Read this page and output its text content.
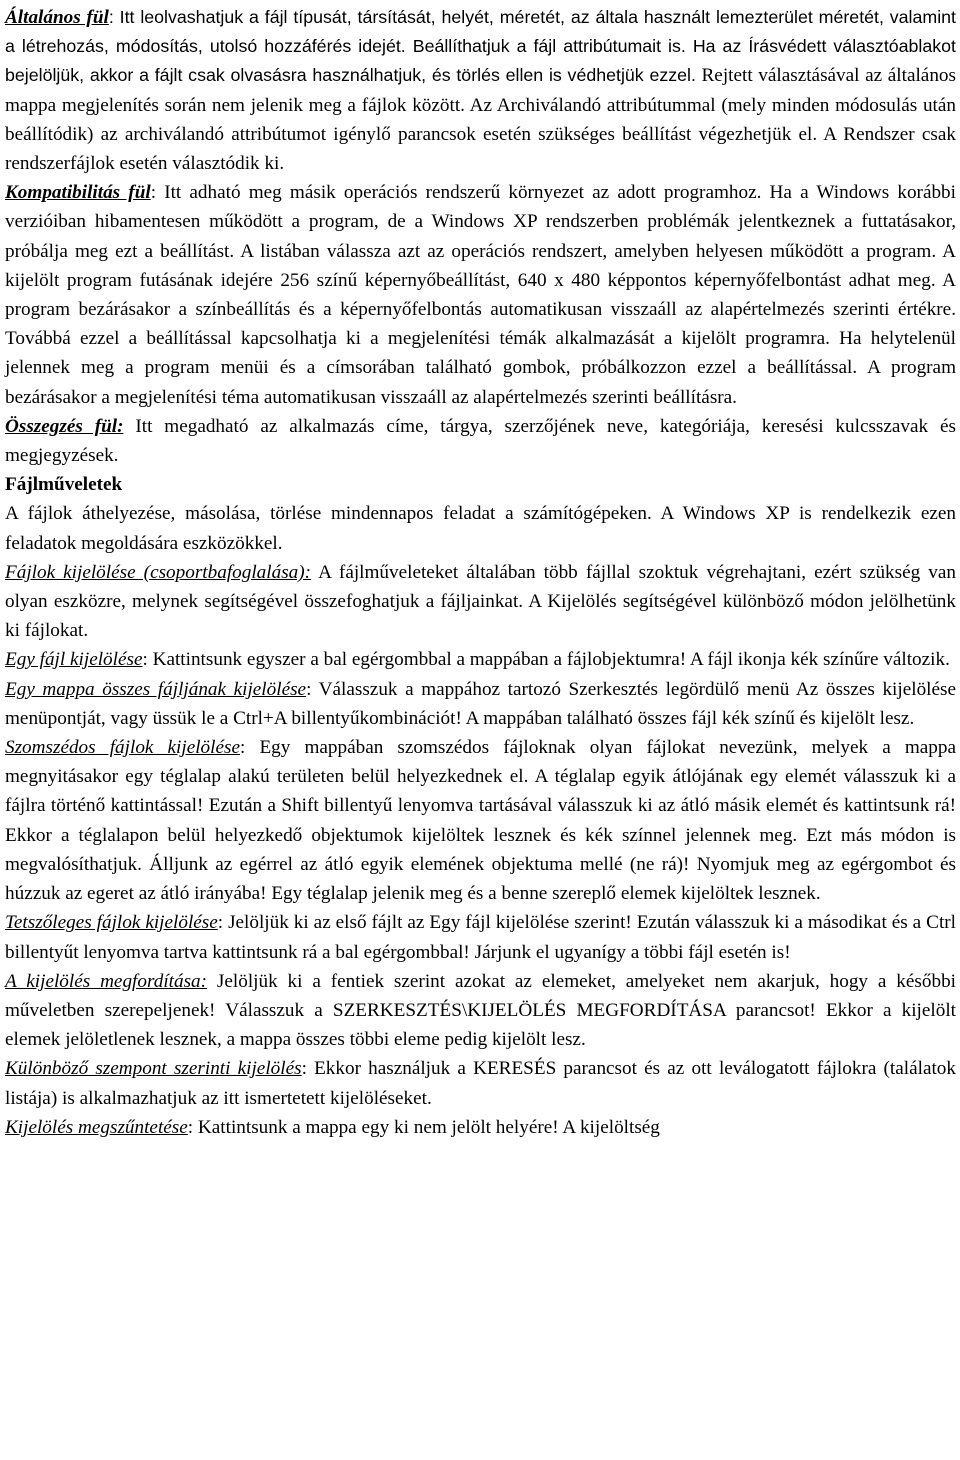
Általános fül: Itt leolvashatjuk a fájl típusát, társítását, helyét, méretét, az általa használt lemezterület méretét, valamint a létrehozás, módosítás, utolsó hozzáférés idejét. Beállíthatjuk a fájl attribútumait is. Ha az Írásvédett választóablakot bejelöljük, akkor a fájlt csak olvasásra használhatjuk, és törlés ellen is védhetjük ezzel. Rejtett választásával az általános mappa megjelenítés során nem jelenik meg a fájlok között. Az Archiválandó attribútummal (mely minden módosulás után beállítódik) az archiválandó attribútumot igénylő parancsok esetén szükséges beállítást végezhetjük el. A Rendszer csak rendszerfájlok esetén választódik ki.

Kompatibilitás fül: Itt adható meg másik operációs rendszerű környezet az adott programhoz. Ha a Windows korábbi verzióiban hibamentesen működött a program, de a Windows XP rendszerben problémák jelentkeznek a futtatásakor, próbálja meg ezt a beállítást. A listában válassza azt az operációs rendszert, amelyben helyesen működött a program. A kijelölt program futásának idejére 256 színű képernyőbeállítást, 640 x 480 képpontos képernyőfelbontást adhat meg. A program bezárásakor a színbeállítás és a képernyőfelbontás automatikusan visszaáll az alapértelmezés szerinti értékre. Továbbá ezzel a beállítással kapcsolhatja ki a megjelenítési témák alkalmazását a kijelölt programra. Ha helytelenül jelennek meg a program menüi és a címsorában található gombok, próbálkozzon ezzel a beállítással. A program bezárásakor a megjelenítési téma automatikusan visszaáll az alapértelmezés szerinti beállításra.

Összegzés fül: Itt megadható az alkalmazás címe, tárgya, szerzőjének neve, kategóriája, keresési kulcsszavak és megjegyzések.

Fájlműveletek

A fájlok áthelyezése, másolása, törlése mindennapos feladat a számítógépeken. A Windows XP is rendelkezik ezen feladatok megoldására eszközökkel.

Fájlok kijelölése (csoportbafoglalása): A fájlműveleteket általában több fájllal szoktuk végrehajtani, ezért szükség van olyan eszközre, melynek segítségével összefoghatjuk a fájljainkat. A Kijelölés segítségével különböző módon jelölhetünk ki fájlokat.

Egy fájl kijelölése: Kattintsunk egyszer a bal egérgombbal a mappában a fájlobjektumra! A fájl ikonja kék színűre változik.

Egy mappa összes fájljának kijelölése: Válasszuk a mappához tartozó Szerkesztés legördülő menü Az összes kijelölése menüpontját, vagy üssük le a Ctrl+A billentyűkombinációt! A mappában található összes fájl kék színű és kijelölt lesz.

Szomszédos fájlok kijelölése: Egy mappában szomszédos fájloknak olyan fájlokat nevezünk, melyek a mappa megnyitásakor egy téglalap alakú területen belül helyezkednek el. A téglalap egyik átlójának egy elemét válasszuk ki a fájlra történő kattintással! Ezután a Shift billentyű lenyomva tartásával válasszuk ki az átló másik elemét és kattintsunk rá! Ekkor a téglalapon belül helyezkedő objektumok kijelöltek lesznek és kék színnel jelennek meg. Ezt más módon is megvalósíthatjuk. Álljunk az egérrel az átló egyik elemének objektuma mellé (ne rá)! Nyomjuk meg az egérgombot és húzzuk az egeret az átló irányába! Egy téglalap jelenik meg és a benne szereplő elemek kijelöltek lesznek.

Tetszőleges fájlok kijelölése: Jelöljük ki az első fájlt az Egy fájl kijelölése szerint! Ezután válasszuk ki a másodikat és a Ctrl billentyűt lenyomva tartva kattintsunk rá a bal egérgombbal! Járjunk el ugyanígy a többi fájl esetén is!

A kijelölés megfordítása: Jelöljük ki a fentiek szerint azokat az elemeket, amelyeket nem akarjuk, hogy a későbbi műveletben szerepeljenek! Válasszuk a SZERKESZTÉS\KIJELÖLÉS MEGFORDÍTÁSA parancsot! Ekkor a kijelölt elemek jelöletlenek lesznek, a mappa összes többi eleme pedig kijelölt lesz.

Különböző szempont szerinti kijelölés: Ekkor használjuk a KERESÉS parancsot és az ott leválogatott fájlokra (találatok listája) is alkalmazhatjuk az itt ismertetett kijelöléseket.

Kijelölés megszűntetése: Kattintsunk a mappa egy ki nem jelölt helyére! A kijelöltség
